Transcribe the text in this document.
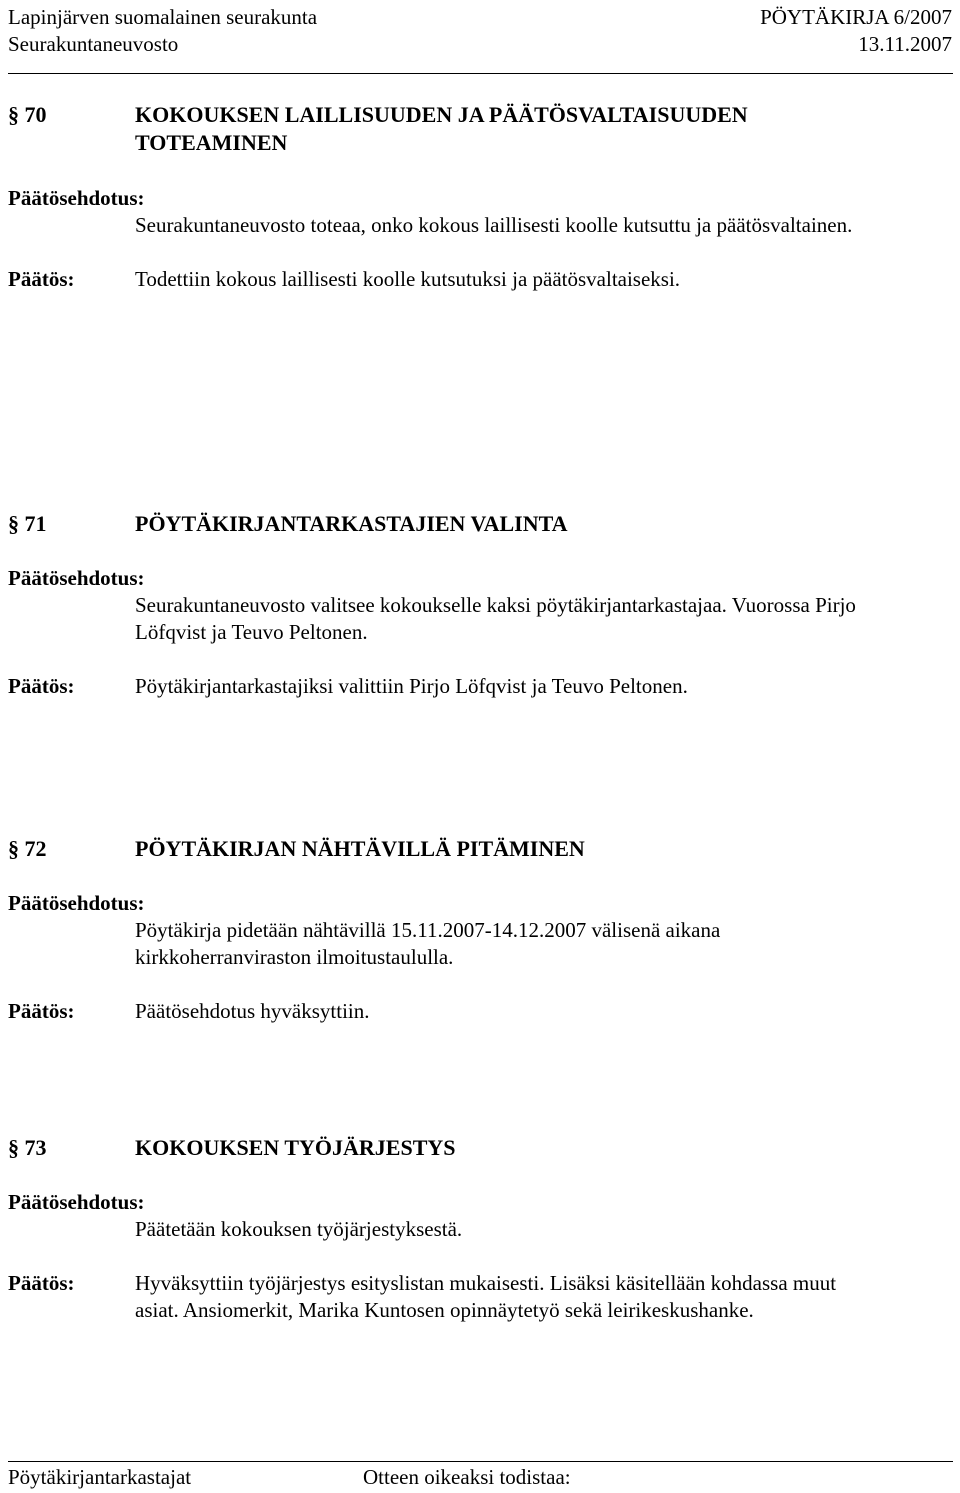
Lapinjärven suomalainen seurakunta	PÖYTÄKIRJA 6/2007
Seurakuntaneuvosto	13.11.2007
§ 70	KOKOUKSEN LAILLISUUDEN JA PÄÄTÖSVALTAISUUDEN
TOTEAMINEN
Päätösehdotus:
Seurakuntaneuvosto toteaa, onko kokous laillisesti koolle kutsuttu ja päätösvaltainen.
Päätös:	Todettiin kokous laillisesti koolle kutsutuksi ja päätösvaltaiseksi.
§ 71	PÖYTÄKIRJANTARKASTAJIEN VALINTA
Päätösehdotus:
Seurakuntaneuvosto valitsee kokoukselle kaksi pöytäkirjantarkastajaa. Vuorossa Pirjo
Löfqvist ja Teuvo Peltonen.
Päätös:	Pöytäkirjantarkastajiksi valittiin Pirjo Löfqvist ja Teuvo Peltonen.
§ 72	PÖYTÄKIRJAN NÄHTÄVILLÄ PITÄMINEN
Päätösehdotus:
Pöytäkirja pidetään nähtävillä 15.11.2007-14.12.2007 välisenä aikana
kirkkoherranviraston ilmoitustaululla.
Päätös:	Päätösehdotus hyväksyttiin.
§ 73	KOKOUKSEN TYÖJÄRJESTYS
Päätösehdotus:
Päätetään kokouksen työjärjestyksestä.
Päätös:	Hyväksyttiin työjärjestys esityslistan mukaisesti. Lisäksi käsitellään kohdassa muut
asiat. Ansiomerkit, Marika Kuntosen opinnäytetyö sekä leirikeskushanke.
Pöytäkirjantarkastajat	Otteen oikeaksi todistaa:
